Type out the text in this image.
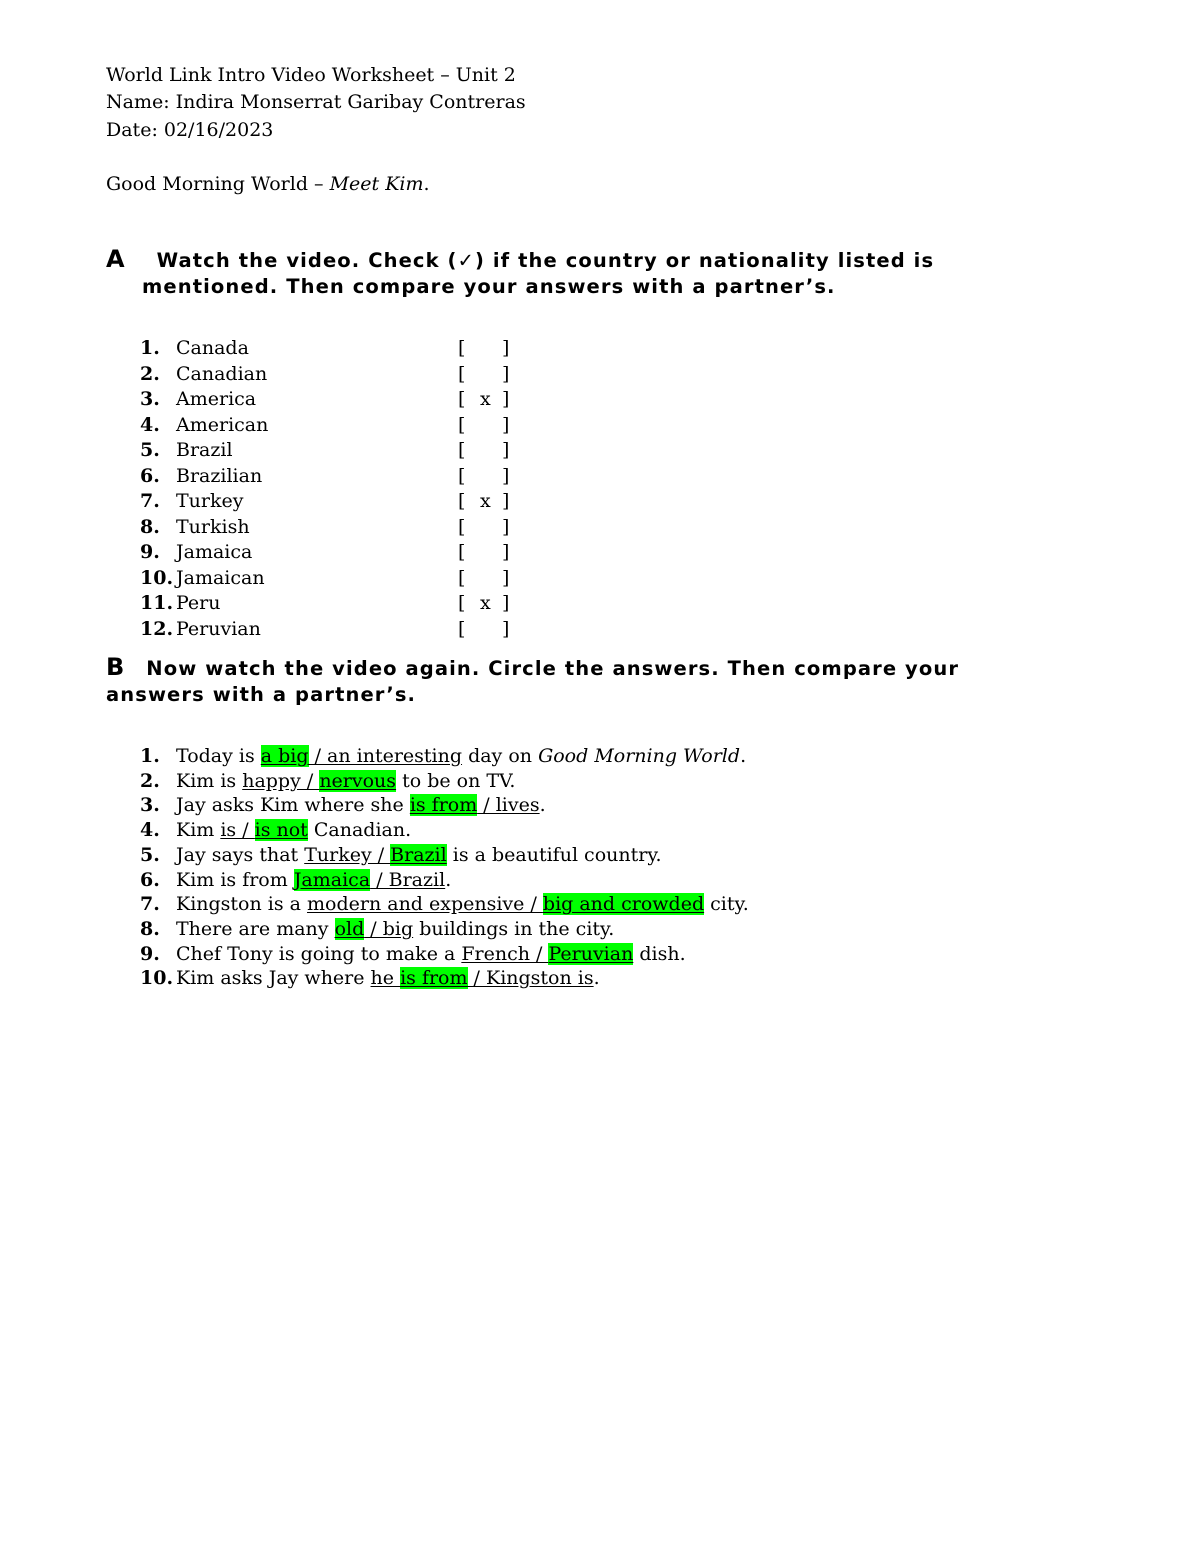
World Link Intro Video Worksheet – Unit 2
Name: Indira Monserrat Garibay Contreras
Date: 02/16/2023
Good Morning World – Meet Kim.
A Watch the video. Check (✓) if the country or nationality listed is
mentioned. Then compare your answers with a partner’s.
1. Canada	[ ]
2. Canadian	[ ]
3. America	[ x ]
4. American	[ ]
5. Brazil	[ ]
6. Brazilian	[ ]
7. Turkey	[ x ]
8. Turkish	[ ]
9. Jamaica	[ ]
10. Jamaican	[ ]
11. Peru	[ x ]
12. Peruvian	[ ]
B Now watch the video again. Circle the answers. Then compare your
answers with a partner’s.
1. Today is a big / an interesting day on Good Morning World.
2. Kim is happy / nervous to be on TV.
3. Jay asks Kim where she is from / lives.
4. Kim is / is not Canadian.
5. Jay says that Turkey / Brazil is a beautiful country.
6. Kim is from Jamaica / Brazil.
7. Kingston is a modern and expensive / big and crowded city.
8. There are many old / big buildings in the city.
9. Chef Tony is going to make a French / Peruvian dish.
10. Kim asks Jay where he is from / Kingston is.
